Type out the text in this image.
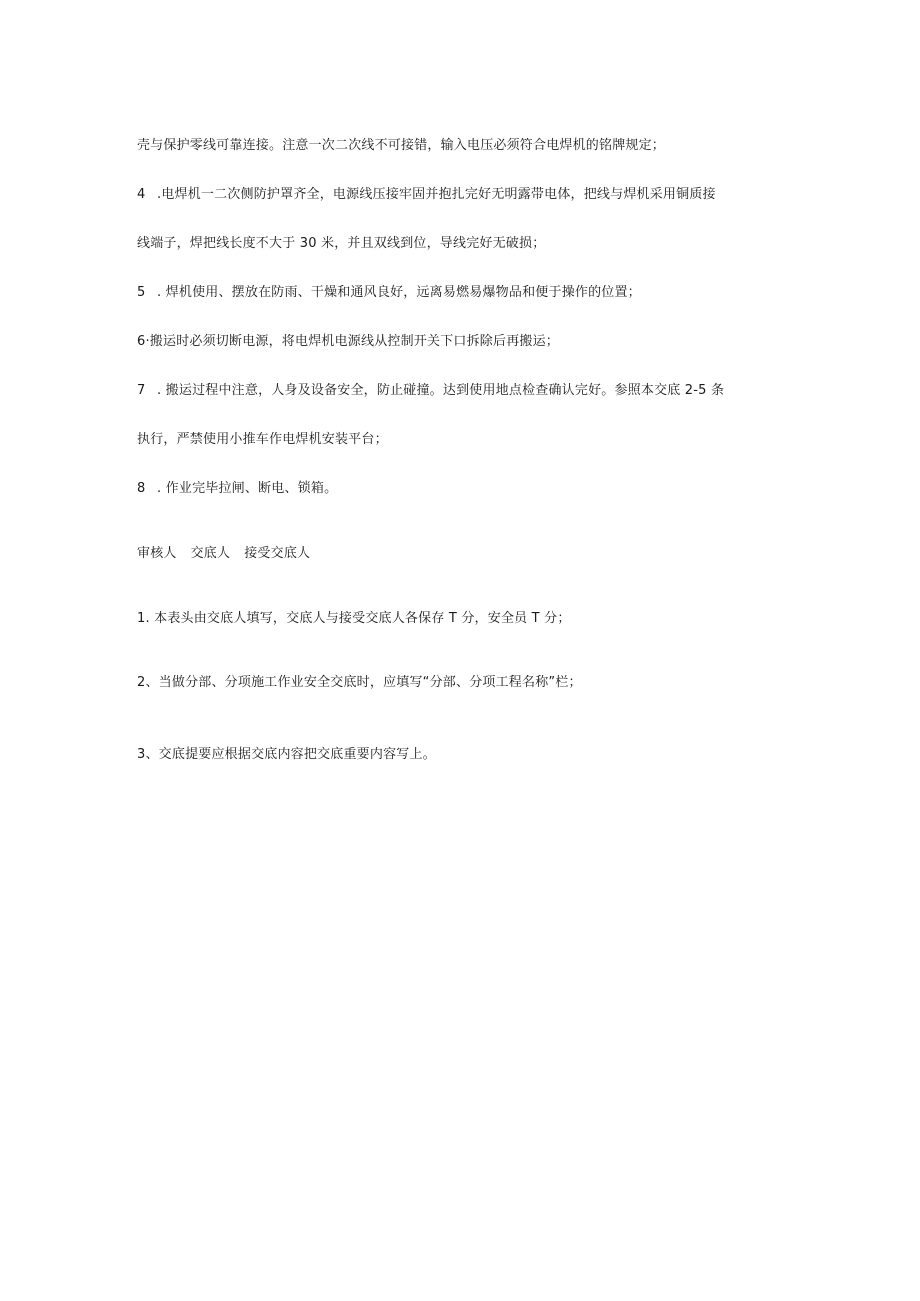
壳与保护零线可靠连接。注意一次二次线不可接错，输入电压必须符合电焊机的铭牌规定；
4 .电焊机一二次侧防护罩齐全，电源线压接牢固并抱扎完好无明露带电体，把线与焊机采用铜质接
线端子，焊把线长度不大于 30 米，并且双线到位，导线完好无破损；
5 . 焊机使用、摆放在防雨、干燥和通风良好，远离易燃易爆物品和便于操作的位置；
6·搬运时必须切断电源，将电焊机电源线从控制开关下口拆除后再搬运；
7 . 搬运过程中注意，人身及设备安全，防止碰撞。达到使用地点检查确认完好。参照本交底 2-5 条
执行，严禁使用小推车作电焊机安装平台；
8 . 作业完毕拉闸、断电、锁箱。
审核人 交底人 接受交底人
1. 本表头由交底人填写，交底人与接受交底人各保存 T 分，安全员 T 分；
2、当做分部、分项施工作业安全交底时，应填写“分部、分项工程名称”栏；
3、交底提要应根据交底内容把交底重要内容写上。
